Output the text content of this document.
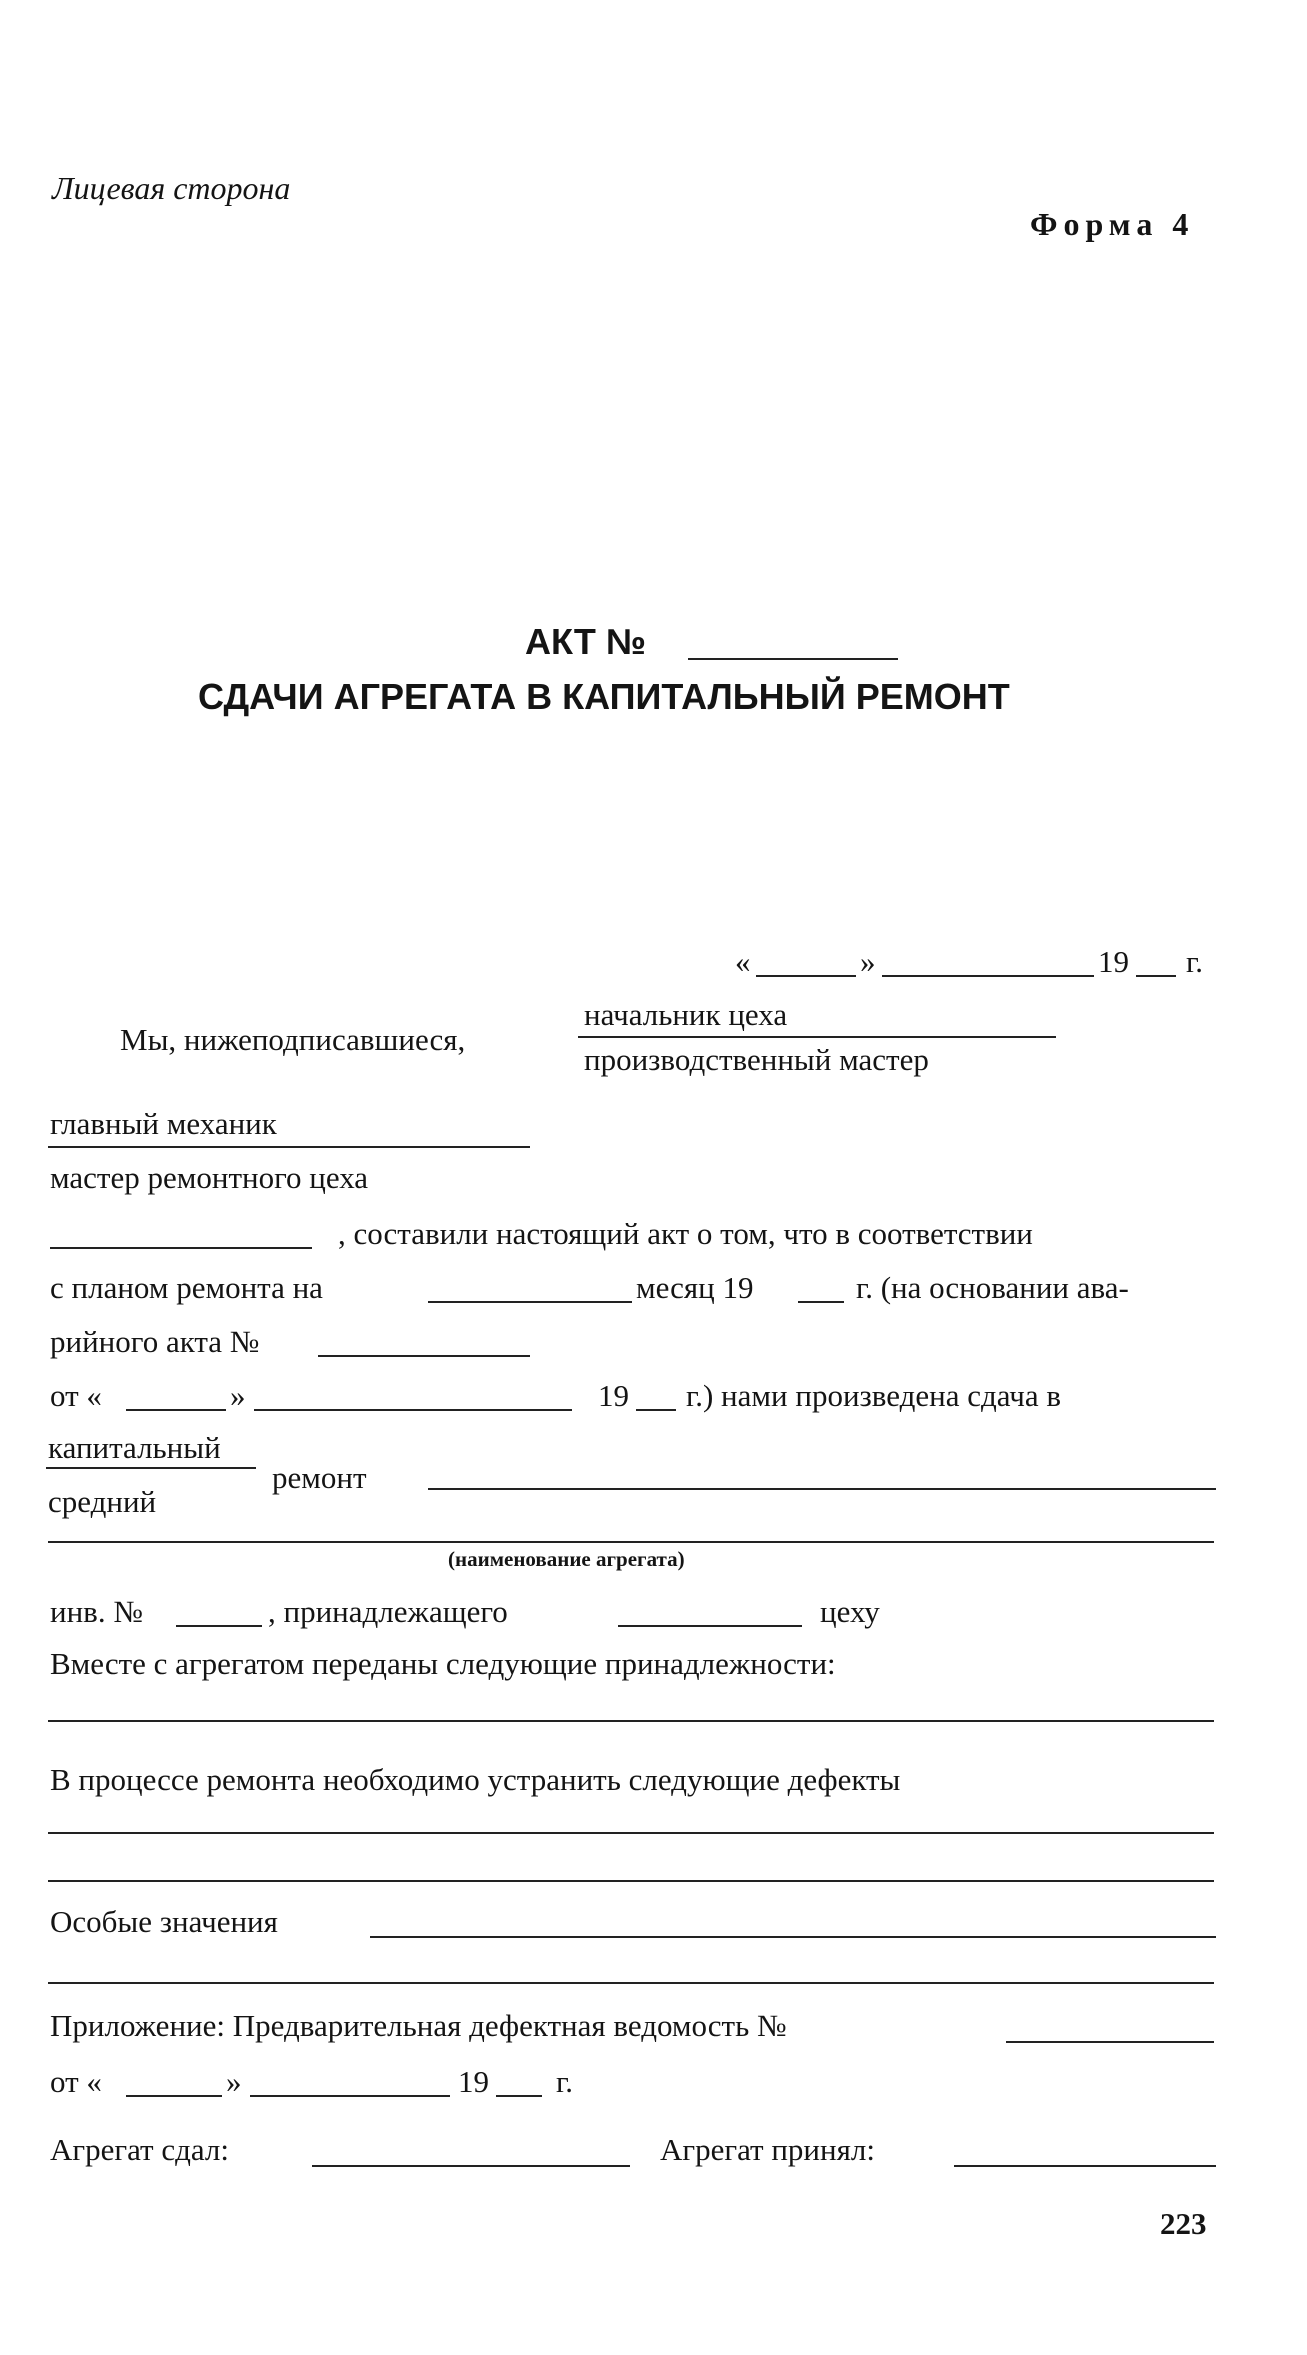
Лицевая сторона
Форма 4
АКТ №
СДАЧИ АГРЕГАТА В КАПИТАЛЬНЫЙ РЕМОНТ
«	»	19 г.
Мы, нижеподписавшиеся,
начальник цеха
производственный мастер
главный механик
мастер ремонтного цеха
, составили настоящий акт о том, что в соответствии
с планом ремонта на	месяц 19	г. (на основании ава-
рийного акта №
от «	»	19 г.) нами произведена сдача в
капитальный
ремонт
средний
(наименование агрегата)
инв. №	, принадлежащего	цеху
Вместе с агрегатом переданы следующие принадлежности:
В процессе ремонта необходимо устранить следующие дефекты
Особые значения
Приложение: Предварительная дефектная ведомость №
от «	»	19 г.
Агрегат сдал:	Агрегат принял:
223
